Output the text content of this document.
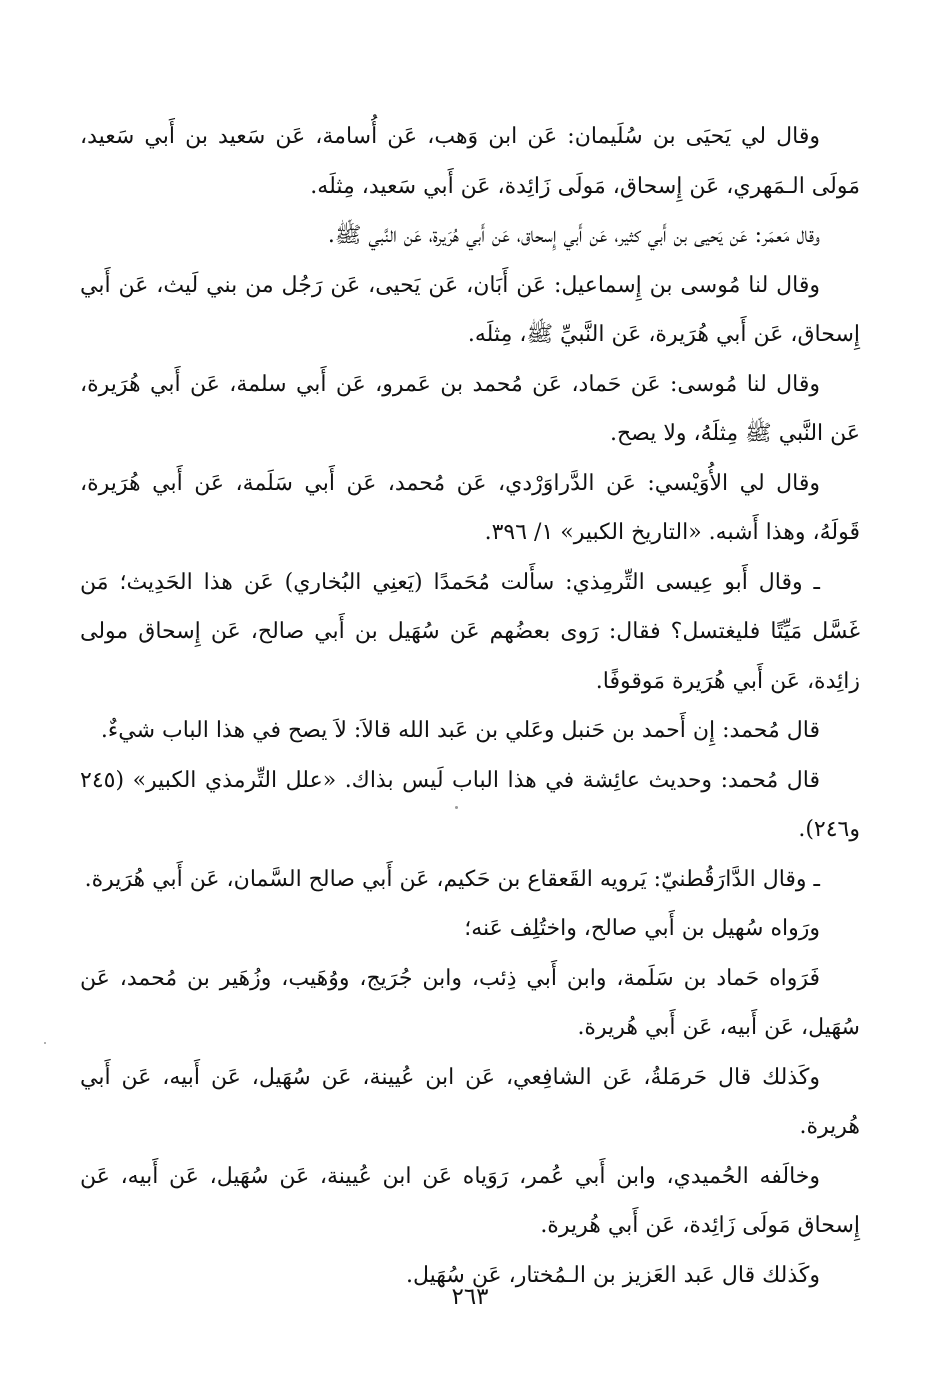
وقال لي يَحيَى بن سُلَيمان: عَن ابن وَهب، عَن أُسامة، عَن سَعيد بن أَبي سَعيد، مَولَى الـمَهري، عَن إِسحاق، مَولَى زَائِدة، عَن أَبي سَعيد، مِثلَه.

وقال مَعمَر: عَن يَحيى بن أَبي كثير، عَن أَبي إِسحاق، عَن أَبي هُرَيرة، عَن النَّبي ﷺ.

وقال لنا مُوسى بن إِسماعيل: عَن أَبَان، عَن يَحيى، عَن رَجُل من بني لَيث، عَن أَبي إِسحاق، عَن أَبي هُرَيرة، عَن النَّبيِّ ﷺ، مِثلَه.

وقال لنا مُوسى: عَن حَماد، عَن مُحمد بن عَمرو، عَن أَبي سلمة، عَن أَبي هُرَيرة، عَن النَّبي ﷺ مِثلَهُ، ولا يصح.

وقال لي الأُوَيْسي: عَن الدَّراوَرْدي، عَن مُحمد، عَن أَبي سَلَمة، عَن أَبي هُرَيرة، قَولَهُ، وهذا أَشبه. «التاريخ الكبير» ١/ ٣٩٦.

ـ وقال أَبو عِيسى التِّرمِذي: سأَلت مُحَمدًا (يَعنِي البُخاري) عَن هذا الحَدِيث؛ مَن غَسَّل مَيِّتًا فليغتسل؟ فقال: رَوى بعضُهم عَن سُهَيل بن أَبي صالح، عَن إِسحاق مولى زائِدة، عَن أَبي هُرَيرة مَوقوفًا.

قال مُحمد: إِن أَحمد بن حَنبل وعَلي بن عَبد الله قالاَ: لاَ يصح في هذا الباب شيءٌ.

قال مُحمد: وحديث عائِشة في هذا الباب لَيس بذاك. «علل التِّرمذي الكبير» (٢٤٥ و٢٤٦).

ـ وقال الدَّارَقُطنيّ: يَرويه القَعقاع بن حَكيم، عَن أَبي صالح السَّمان، عَن أَبي هُرَيرة.

ورَواه سُهيل بن أَبي صالح، واختُلِف عَنه؛

فَرَواه حَماد بن سَلَمة، وابن أَبي ذِئب، وابن جُرَيج، ووُهَيب، وزُهَير بن مُحمد، عَن سُهَيل، عَن أَبيه، عَن أَبي هُريرة.

وكَذلك قال حَرمَلةُ، عَن الشافِعي، عَن ابن عُيينة، عَن سُهَيل، عَن أَبيه، عَن أَبي هُريرة.

وخالَفه الحُميدي، وابن أَبي عُمر، رَوَياه عَن ابن عُيينة، عَن سُهَيل، عَن أَبيه، عَن إِسحاق مَولَى زَائِدة، عَن أَبي هُريرة.

وكَذلك قال عَبد العَزيز بن الـمُختار، عَن سُهَيل.

٢٦٣
